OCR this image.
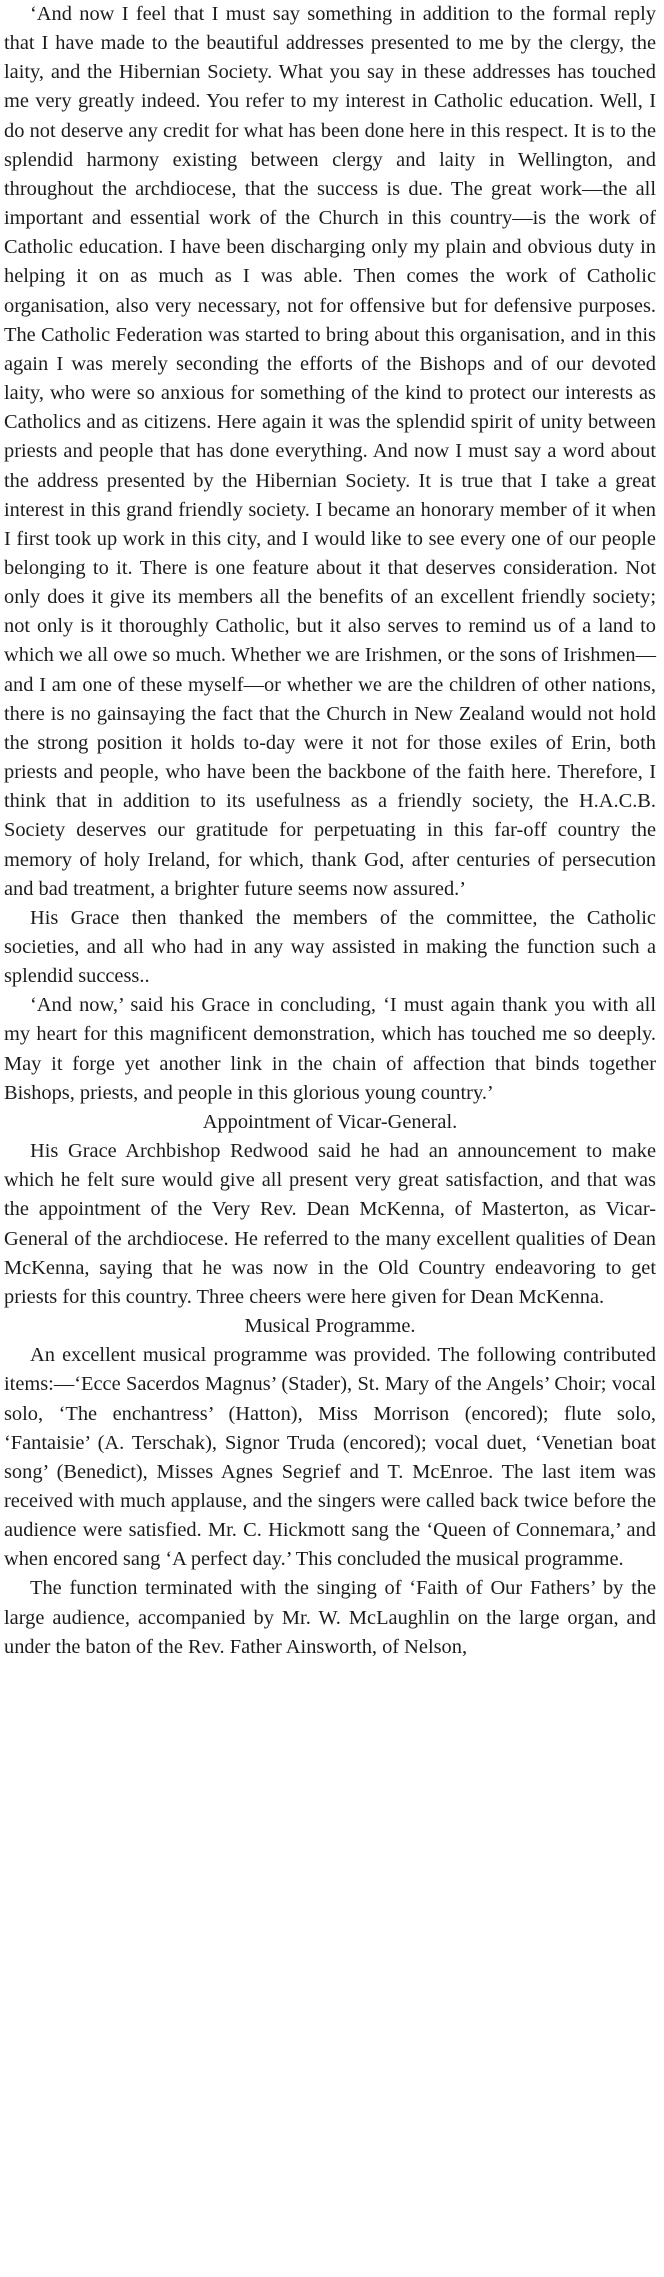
‘And now I feel that I must say something in addition to the formal reply that I have made to the beautiful addresses presented to me by the clergy, the laity, and the Hibernian Society. What you say in these addresses has touched me very greatly indeed. You refer to my interest in Catholic education. Well, I do not deserve any credit for what has been done here in this respect. It is to the splendid harmony existing between clergy and laity in Wellington, and throughout the archdiocese, that the success is due. The great work—the all important and essential work of the Church in this country—is the work of Catholic education. I have been discharging only my plain and obvious duty in helping it on as much as I was able. Then comes the work of Catholic organisation, also very necessary, not for offensive but for defensive purposes. The Catholic Federation was started to bring about this organisation, and in this again I was merely seconding the efforts of the Bishops and of our devoted laity, who were so anxious for something of the kind to protect our interests as Catholics and as citizens. Here again it was the splendid spirit of unity between priests and people that has done everything. And now I must say a word about the address presented by the Hibernian Society. It is true that I take a great interest in this grand friendly society. I became an honorary member of it when I first took up work in this city, and I would like to see every one of our people belonging to it. There is one feature about it that deserves consideration. Not only does it give its members all the benefits of an excellent friendly society; not only is it thoroughly Catholic, but it also serves to remind us of a land to which we all owe so much. Whether we are Irishmen, or the sons of Irishmen—and I am one of these myself—or whether we are the children of other nations, there is no gainsaying the fact that the Church in New Zealand would not hold the strong position it holds to-day were it not for those exiles of Erin, both priests and people, who have been the backbone of the faith here. Therefore, I think that in addition to its usefulness as a friendly society, the H.A.C.B. Society deserves our gratitude for perpetuating in this far-off country the memory of holy Ireland, for which, thank God, after centuries of persecution and bad treatment, a brighter future seems now assured.’

His Grace then thanked the members of the committee, the Catholic societies, and all who had in any way assisted in making the function such a splendid success..

‘And now,’ said his Grace in concluding, ‘I must again thank you with all my heart for this magnificent demonstration, which has touched me so deeply. May it forge yet another link in the chain of affection that binds together Bishops, priests, and people in this glorious young country.’

Appointment of Vicar-General.

His Grace Archbishop Redwood said he had an announcement to make which he felt sure would give all present very great satisfaction, and that was the appointment of the Very Rev. Dean McKenna, of Masterton, as Vicar-General of the archdiocese. He referred to the many excellent qualities of Dean McKenna, saying that he was now in the Old Country endeavoring to get priests for this country. Three cheers were here given for Dean McKenna.

Musical Programme.

An excellent musical programme was provided. The following contributed items:—‘Ecce Sacerdos Magnus’ (Stader), St. Mary of the Angels’ Choir; vocal solo, ‘The enchantress’ (Hatton), Miss Morrison (encored); flute solo, ‘Fantaisie’ (A. Terschak), Signor Truda (encored); vocal duet, ‘Venetian boat song’ (Benedict), Misses Agnes Segrief and T. McEnroe. The last item was received with much applause, and the singers were called back twice before the audience were satisfied. Mr. C. Hickmott sang the ‘Queen of Connemara,’ and when encored sang ‘A perfect day.’ This concluded the musical programme.

The function terminated with the singing of ‘Faith of Our Fathers’ by the large audience, accompanied by Mr. W. McLaughlin on the large organ, and under the baton of the Rev. Father Ainsworth, of Nelson,
